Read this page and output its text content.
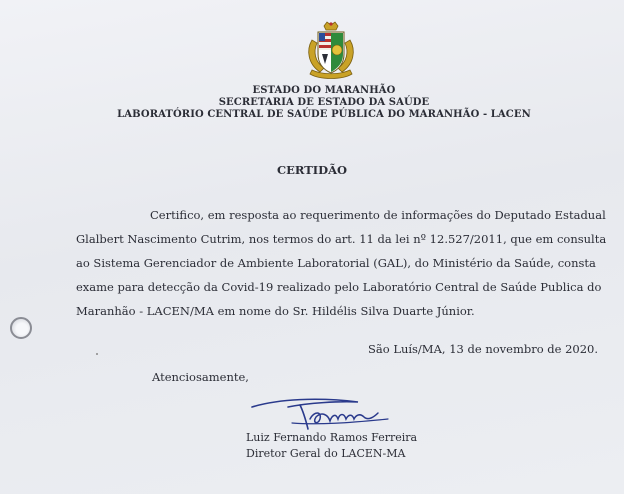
ESTADO DO MARANHÃO
SECRETARIA DE ESTADO DA SAÚDE
LABORATÓRIO CENTRAL DE SAÚDE PÚBLICA DO MARANHÃO - LACEN
CERTIDÃO
Certifico, em resposta ao requerimento de informações do Deputado Estadual
Glalbert Nascimento Cutrim, nos termos do art. 11 da lei nº 12.527/2011, que em consulta
ao Sistema Gerenciador de Ambiente Laboratorial (GAL), do Ministério da Saúde, consta
exame para detecção da Covid-19 realizado pelo Laboratório Central de Saúde Publica do
Maranhão - LACEN/MA em nome do Sr. Hildélis Silva Duarte Júnior.
São Luís/MA, 13 de novembro de 2020.
Atenciosamente,
Luiz Fernando Ramos Ferreira
Diretor Geral do LACEN-MA
